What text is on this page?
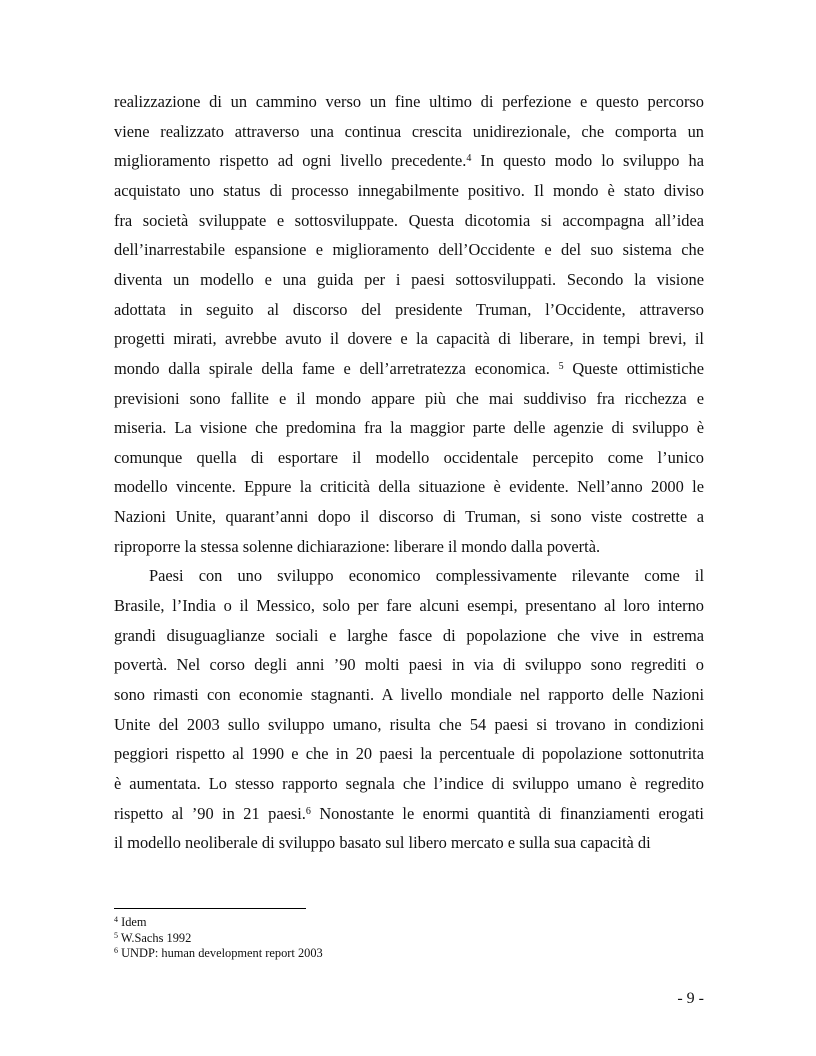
realizzazione di un cammino verso un fine ultimo di perfezione e questo percorso
viene realizzato attraverso una continua crescita unidirezionale, che comporta un
miglioramento rispetto ad ogni livello precedente.$^4$ In questo modo lo sviluppo ha
acquistato uno status di processo innegabilmente positivo. Il mondo è stato diviso
fra società sviluppate e sottosviluppate. Questa dicotomia si accompagna all’idea
dell’inarrestabile espansione e miglioramento dell’Occidente e del suo sistema che
diventa un modello e una guida per i paesi sottosviluppati. Secondo la visione
adottata in seguito al discorso del presidente Truman, l’Occidente, attraverso
progetti mirati, avrebbe avuto il dovere e la capacità di liberare, in tempi brevi, il
mondo dalla spirale della fame e dell’arretratezza economica. $^5$ Queste ottimistiche
previsioni sono fallite e il mondo appare più che mai suddiviso fra ricchezza e
miseria. La visione che predomina fra la maggior parte delle agenzie di sviluppo è
comunque quella di esportare il modello occidentale percepito come l’unico
modello vincente. Eppure la criticità della situazione è evidente. Nell’anno 2000 le
Nazioni Unite, quarant’anni dopo il discorso di Truman, si sono viste costrette a
riproporre la stessa solenne dichiarazione: liberare il mondo dalla povertà.
Paesi con uno sviluppo economico complessivamente rilevante come il
Brasile, l’India o il Messico, solo per fare alcuni esempi, presentano al loro interno
grandi disuguaglianze sociali e larghe fasce di popolazione che vive in estrema
povertà. Nel corso degli anni ’90 molti paesi in via di sviluppo sono regrediti o
sono rimasti con economie stagnanti. A livello mondiale nel rapporto delle Nazioni
Unite del 2003 sullo sviluppo umano, risulta che 54 paesi si trovano in condizioni
peggiori rispetto al 1990 e che in 20 paesi la percentuale di popolazione sottonutrita
è aumentata. Lo stesso rapporto segnala che l’indice di sviluppo umano è regredito
rispetto al ’90 in 21 paesi.$^6$ Nonostante le enormi quantità di finanziamenti erogati
il modello neoliberale di sviluppo basato sul libero mercato e sulla sua capacità di
$^4$ Idem
$^5$ W.Sachs 1992
$^6$ UNDP: human development report 2003
- 9 -
